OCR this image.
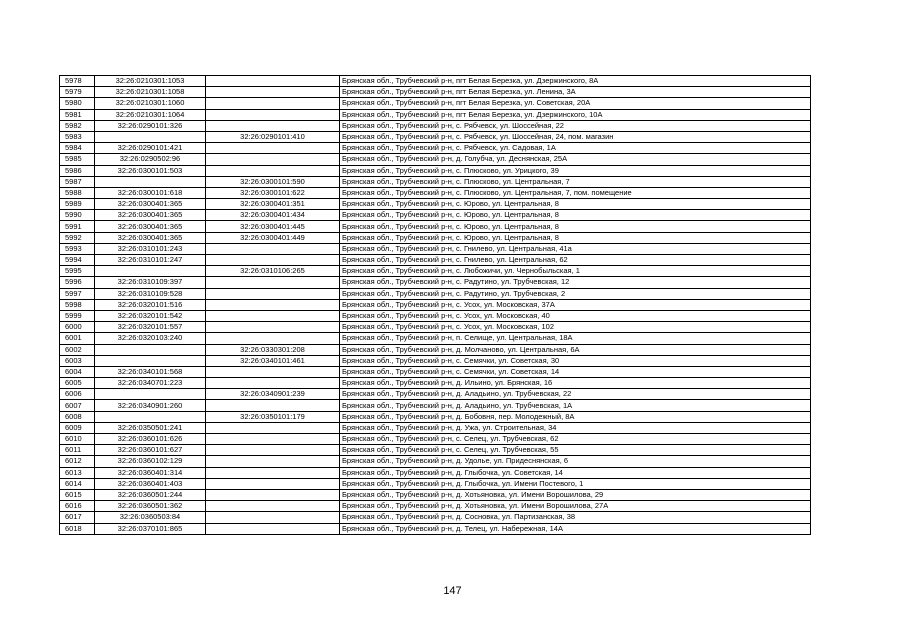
5978	32:26:0210301:1053		Брянская обл., Трубчевский р-н, пгт Белая Березка, ул. Дзержинского, 8А
5979	32:26:0210301:1058		Брянская обл., Трубчевский р-н, пгт Белая Березка, ул. Ленина, 3А
5980	32:26:0210301:1060		Брянская обл., Трубчевский р-н, пгт Белая Березка, ул. Советская, 20А
5981	32:26:0210301:1064		Брянская обл., Трубчевский р-н, пгт Белая Березка, ул. Дзержинского, 10А
5982	32:26:0290101:326		Брянская обл., Трубчевский р-н, с. Рябчевск, ул. Шоссейная, 22
5983		32:26:0290101:410	Брянская обл., Трубчевский р-н, с. Рябчевск, ул. Шоссейная, 24, пом. магазин
5984	32:26:0290101:421		Брянская обл., Трубчевский р-н, с. Рябчевск, ул. Садовая, 1А
5985	32:26:0290502:96		Брянская обл., Трубчевский р-н, д. Голубча, ул. Деснянская, 25А
5986	32:26:0300101:503		Брянская обл., Трубчевский р-н, с. Плюсково, ул. Урицкого, 39
5987		32:26:0300101:590	Брянская обл., Трубчевский р-н, с. Плюсково, ул. Центральная, 7
5988	32:26:0300101:618	32:26:0300101:622	Брянская обл., Трубчевский р-н, с. Плюсково, ул. Центральная, 7, пом. помещение
5989	32:26:0300401:365	32:26:0300401:351	Брянская обл., Трубчевский р-н, с. Юрово, ул. Центральная, 8
5990	32:26:0300401:365	32:26:0300401:434	Брянская обл., Трубчевский р-н, с. Юрово, ул. Центральная, 8
5991	32:26:0300401:365	32:26:0300401:445	Брянская обл., Трубчевский р-н, с. Юрово, ул. Центральная, 8
5992	32:26:0300401:365	32:26:0300401:449	Брянская обл., Трубчевский р-н, с. Юрово, ул. Центральная, 8
5993	32:26:0310101:243		Брянская обл., Трубчевский р-н, с. Гнилево, ул. Центральная, 41а
5994	32:26:0310101:247		Брянская обл., Трубчевский р-н, с. Гнилево, ул. Центральная, 62
5995		32:26:0310106:265	Брянская обл., Трубчевский р-н, с. Любожичи, ул. Чернобыльская, 1
5996	32:26:0310109:397		Брянская обл., Трубчевский р-н, с. Радутино, ул. Трубчевская, 12
5997	32:26:0310109:528		Брянская обл., Трубчевский р-н, с. Радутино, ул. Трубчевская, 2
5998	32:26:0320101:516		Брянская обл., Трубчевский р-н, с. Усох, ул. Московская, 37А
5999	32:26:0320101:542		Брянская обл., Трубчевский р-н, с. Усох, ул. Московская, 40
6000	32:26:0320101:557		Брянская обл., Трубчевский р-н, с. Усох, ул. Московская, 102
6001	32:26:0320103:240		Брянская обл., Трубчевский р-н, п. Селище, ул. Центральная, 18А
6002		32:26:0330301:208	Брянская обл., Трубчевский р-н, д. Молчаново, ул. Центральная, 6А
6003		32:26:0340101:461	Брянская обл., Трубчевский р-н, с. Семячки, ул. Советская, 30
6004	32:26:0340101:568		Брянская обл., Трубчевский р-н, с. Семячки, ул. Советская, 14
6005	32:26:0340701:223		Брянская обл., Трубчевский р-н, д. Ильино, ул. Брянская, 16
6006		32:26:0340901:239	Брянская обл., Трубчевский р-н, д. Аладьино, ул. Трубчевская, 22
6007	32:26:0340901:260		Брянская обл., Трубчевский р-н, д. Аладьино, ул. Трубчевская, 1А
6008		32:26:0350101:179	Брянская обл., Трубчевский р-н, д. Бобовня, пер. Молодежный, 8А
6009	32:26:0350501:241		Брянская обл., Трубчевский р-н, д. Ужа, ул. Строительная, 34
6010	32:26:0360101:626		Брянская обл., Трубчевский р-н, с. Селец, ул. Трубчевская, 62
6011	32:26:0360101:627		Брянская обл., Трубчевский р-н, с. Селец, ул. Трубчевская, 55
6012	32:26:0360102:129		Брянская обл., Трубчевский р-н, д. Удолье, ул. Придеснянская, 6
6013	32:26:0360401:314		Брянская обл., Трубчевский р-н, д. Глыбочка, ул. Советская, 14
6014	32:26:0360401:403		Брянская обл., Трубчевский р-н, д. Глыбочка, ул. Имени Постевого, 1
6015	32:26:0360501:244		Брянская обл., Трубчевский р-н, д. Хотьяновка, ул. Имени Ворошилова, 29
6016	32:26:0360501:362		Брянская обл., Трубчевский р-н, д. Хотьяновка, ул. Имени Ворошилова, 27А
6017	32:26:0360503:84		Брянская обл., Трубчевский р-н, д. Сосновка, ул. Партизанская, 38
6018	32:26:0370101:865		Брянская обл., Трубчевский р-н, д. Телец, ул. Набережная, 14А
147
